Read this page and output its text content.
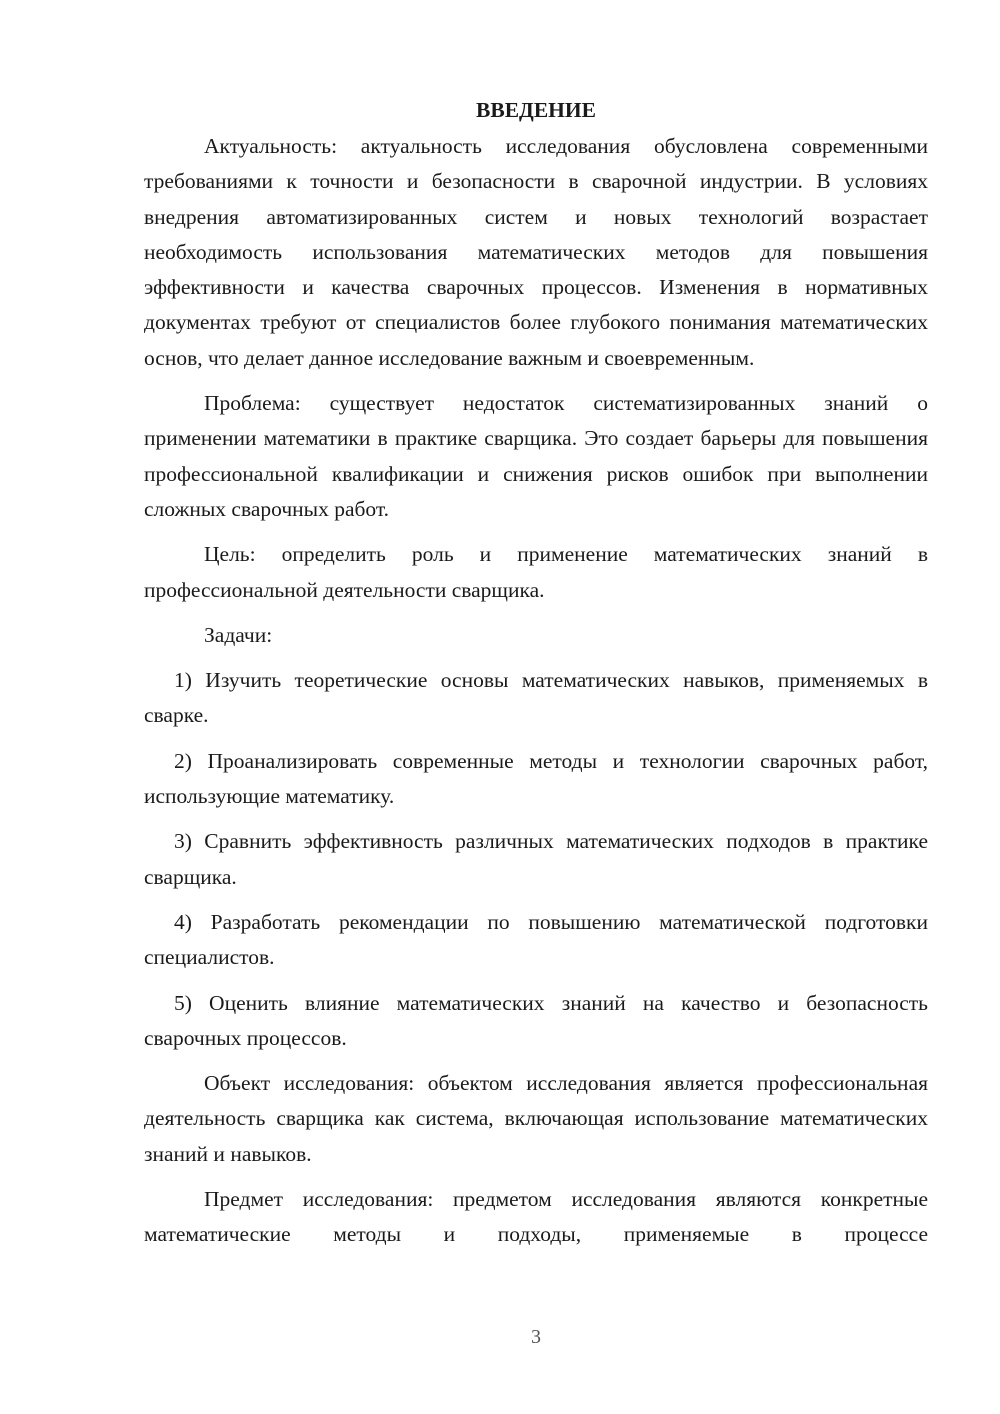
ВВЕДЕНИЕ

Актуальность: актуальность исследования обусловлена современными требованиями к точности и безопасности в сварочной индустрии. В условиях внедрения автоматизированных систем и новых технологий возрастает необходимость использования математических методов для повышения эффективности и качества сварочных процессов. Изменения в нормативных документах требуют от специалистов более глубокого понимания математических основ, что делает данное исследование важным и своевременным.

Проблема: существует недостаток систематизированных знаний о применении математики в практике сварщика. Это создает барьеры для повышения профессиональной квалификации и снижения рисков ошибок при выполнении сложных сварочных работ.

Цель: определить роль и применение математических знаний в профессиональной деятельности сварщика.

Задачи:

1) Изучить теоретические основы математических навыков, применяемых в сварке.

2) Проанализировать современные методы и технологии сварочных работ, использующие математику.

3) Сравнить эффективность различных математических подходов в практике сварщика.

4) Разработать рекомендации по повышению математической подготовки специалистов.

5) Оценить влияние математических знаний на качество и безопасность сварочных процессов.

Объект исследования: объектом исследования является профессиональная деятельность сварщика как система, включающая использование математических знаний и навыков.

Предмет исследования: предметом исследования являются конкретные математические методы и подходы, применяемые в процессе

3
